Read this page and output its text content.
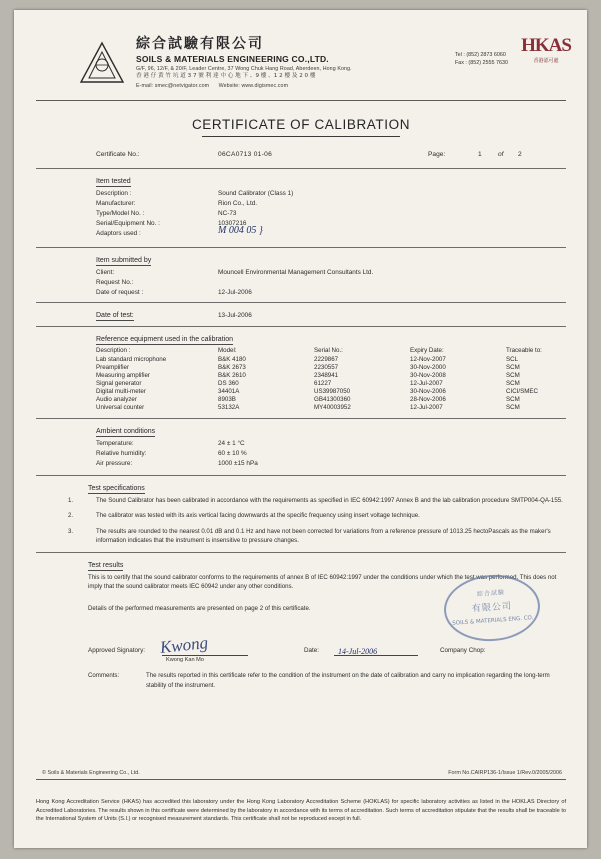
綜合試驗有限公司
SOILS & MATERIALS ENGINEERING CO.,LTD.
G/F, 96, 12/F, & 20/F, Leader Centre, 37 Wong Chuk Hang Road, Aberdeen, Hong Kong.
香 港 仔 黃 竹 坑 道 3 7 號 利 達 中 心 地 下 、9 樓 、1 2 樓 及 2 0 樓
E-mail: smec@netvigator.com Website: www.digismec.com
Tel : (852) 2873 6060
Fax : (852) 2555 7630
HKAS
香港認可處
CERTIFICATE OF CALIBRATION
Certificate No.:	06CA0713 01-06	Page:	1 of 2
Item tested
Description :	Sound Calibrator (Class 1)
Manufacturer:	Rion Co., Ltd.
Type/Model No. :	NC-73
Serial/Equipment No. :	10307216
Adaptors used :	M 004 05 }
Item submitted by
Client:	Mouncell Environmental Management Consultants Ltd.
Request No.:
Date of request :	12-Jul-2006
Date of test:	13-Jul-2006
Reference equipment used in the calibration
Description :	Model:	Serial No.:	Expiry Date:	Traceable to:
Lab standard microphone	B&K 4180	2229867	12-Nov-2007	SCL
Preamplifier	B&K 2673	2230557	30-Nov-2000	SCM
Measuring amplifier	B&K 2610	2348941	30-Nov-2008	SCM
Signal generator	DS 360	61227	12-Jul-2007	SCM
Digital multi-meter	34401A	US39987050	30-Nov-2006	CICI/SMEC
Audio analyzer	8903B	GB41300360	28-Nov-2006	SCM
Universal counter	53132A	MY40003952	12-Jul-2007	SCM
Ambient conditions
Temperature:	24 ± 1 °C
Relative humidity:	60 ± 10 %
Air pressure:	1000 ±15 hPa
Test specifications
1.	The Sound Calibrator has been calibrated in accordance with the requirements as specified in IEC 60942:1997 Annex B and the lab calibration procedure SMTP004-QA-155.
2.	The calibrator was tested with its axis vertical facing downwards at the specific frequency using insert voltage technique.
3.	The results are rounded to the nearest 0.01 dB and 0.1 Hz and have not been corrected for variations from a reference pressure of 1013.25 hectoPascals as the maker's information indicates that the instrument is insensitive to pressure changes.
Test results
This is to certify that the sound calibrator conforms to the requirements of annex B of IEC 60942:1997 under the conditions under which the test was performed. This does not imply that the sound calibrator meets IEC 60942 under any other conditions.
Details of the performed measurements are presented on page 2 of this certificate.
綜合試驗
有限公司
SOILS & MATERIALS ENG. CO.
Approved Signatory: Kwong
Kwong Kan Mo
Date: 14-Jul-2006	Company Chop:
Comments:	The results reported in this certificate refer to the condition of the instrument on the date of calibration and carry no implication regarding the long-term stability of the instrument.
© Soils & Materials Engineering Co., Ltd.	Form No.CAIRP136-1/Issue 1/Rev.0/2005/2006
Hong Kong Accreditation Service (HKAS) has accredited this laboratory under the Hong Kong Laboratory Accreditation Scheme (HOKLAS) for specific laboratory activities as listed in the HOKLAS Directory of Accredited Laboratories. The results shown in this certificate were determined by the laboratory in accordance with its terms of accreditation. Such terms of accreditation stipulate that the results shall be traceable to the International System of Units (S.I.) or recognised measurement standards. This certificate shall not be reproduced except in full.
